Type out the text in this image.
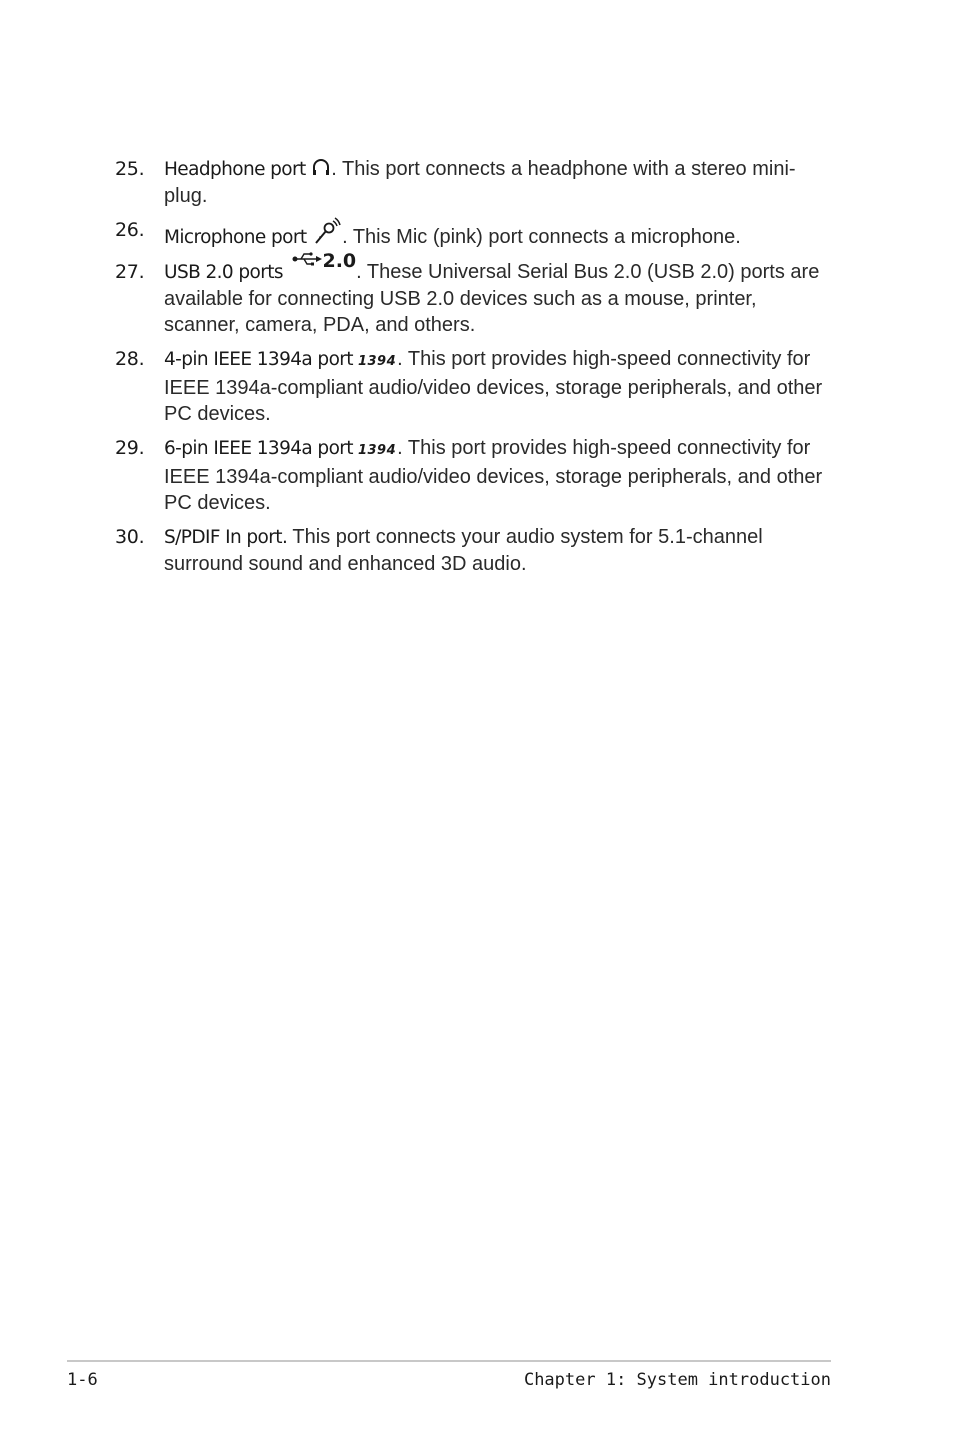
25.	Headphone port . This port connects a headphone with a stereo mini-plug.
26.	Microphone port . This Mic (pink) port connects a microphone.
27.	USB 2.0 ports 2.0. These Universal Serial Bus 2.0 (USB 2.0) ports are available for connecting USB 2.0 devices such as a mouse, printer, scanner, camera, PDA, and others.
28.	4-pin IEEE 1394a port 1394. This port provides high-speed connectivity for IEEE 1394a-compliant audio/video devices, storage peripherals, and other PC devices.
29.	6-pin IEEE 1394a port 1394. This port provides high-speed connectivity for IEEE 1394a-compliant audio/video devices, storage peripherals, and other PC devices.
30.	S/PDIF In port. This port connects your audio system for 5.1-channel surround sound and enhanced 3D audio.
1-6	Chapter 1: System introduction
